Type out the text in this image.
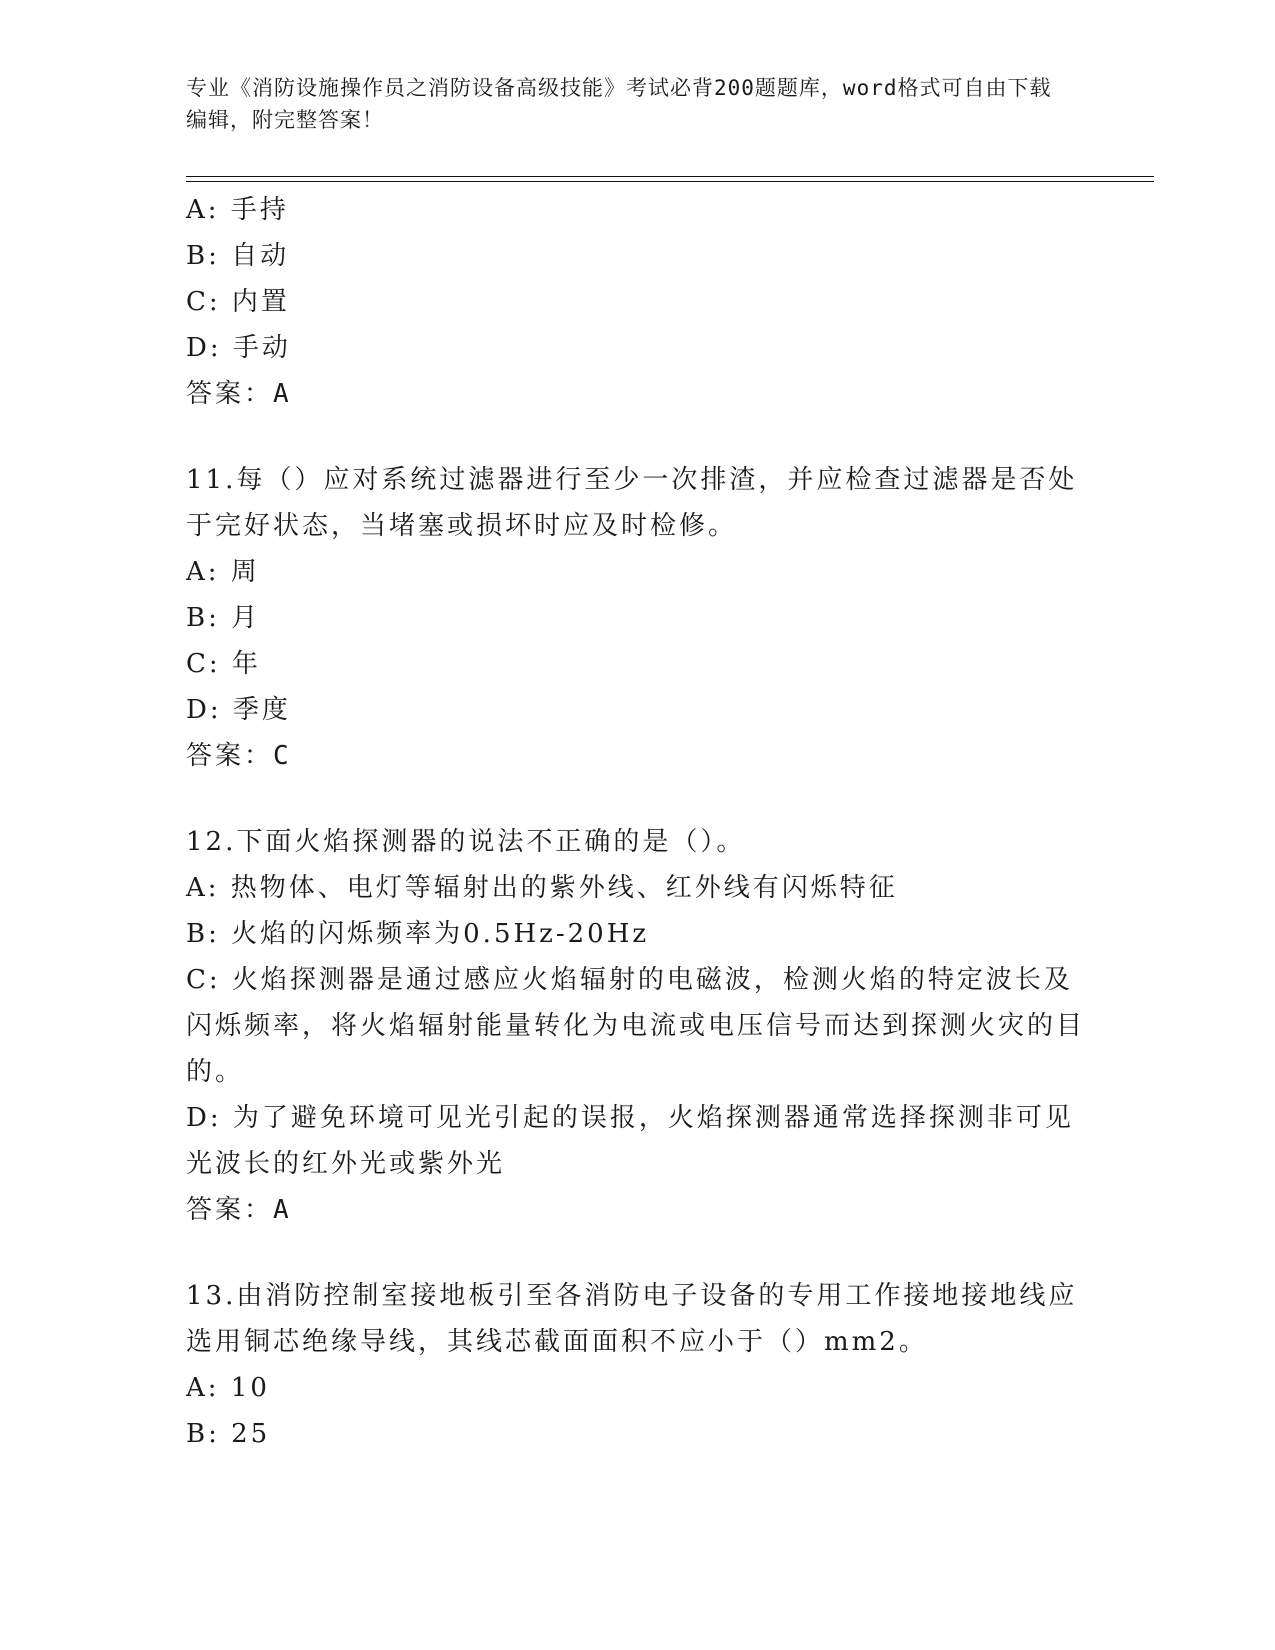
专业《消防设施操作员之消防设备高级技能》考试必背200题题库，word格式可自由下载编辑，附完整答案！
A: 手持
B: 自动
C: 内置
D: 手动
答案：A
11.每（）应对系统过滤器进行至少一次排渣，并应检查过滤器是否处于完好状态，当堵塞或损坏时应及时检修。
A: 周
B: 月
C: 年
D: 季度
答案：C
12.下面火焰探测器的说法不正确的是（）。
A: 热物体、电灯等辐射出的紫外线、红外线有闪烁特征
B: 火焰的闪烁频率为0.5Hz-20Hz
C: 火焰探测器是通过感应火焰辐射的电磁波，检测火焰的特定波长及闪烁频率，将火焰辐射能量转化为电流或电压信号而达到探测火灾的目的。
D: 为了避免环境可见光引起的误报，火焰探测器通常选择探测非可见光波长的红外光或紫外光
答案：A
13.由消防控制室接地板引至各消防电子设备的专用工作接地接地线应选用铜芯绝缘导线，其线芯截面面积不应小于（）mm2。
A: 10
B: 25
